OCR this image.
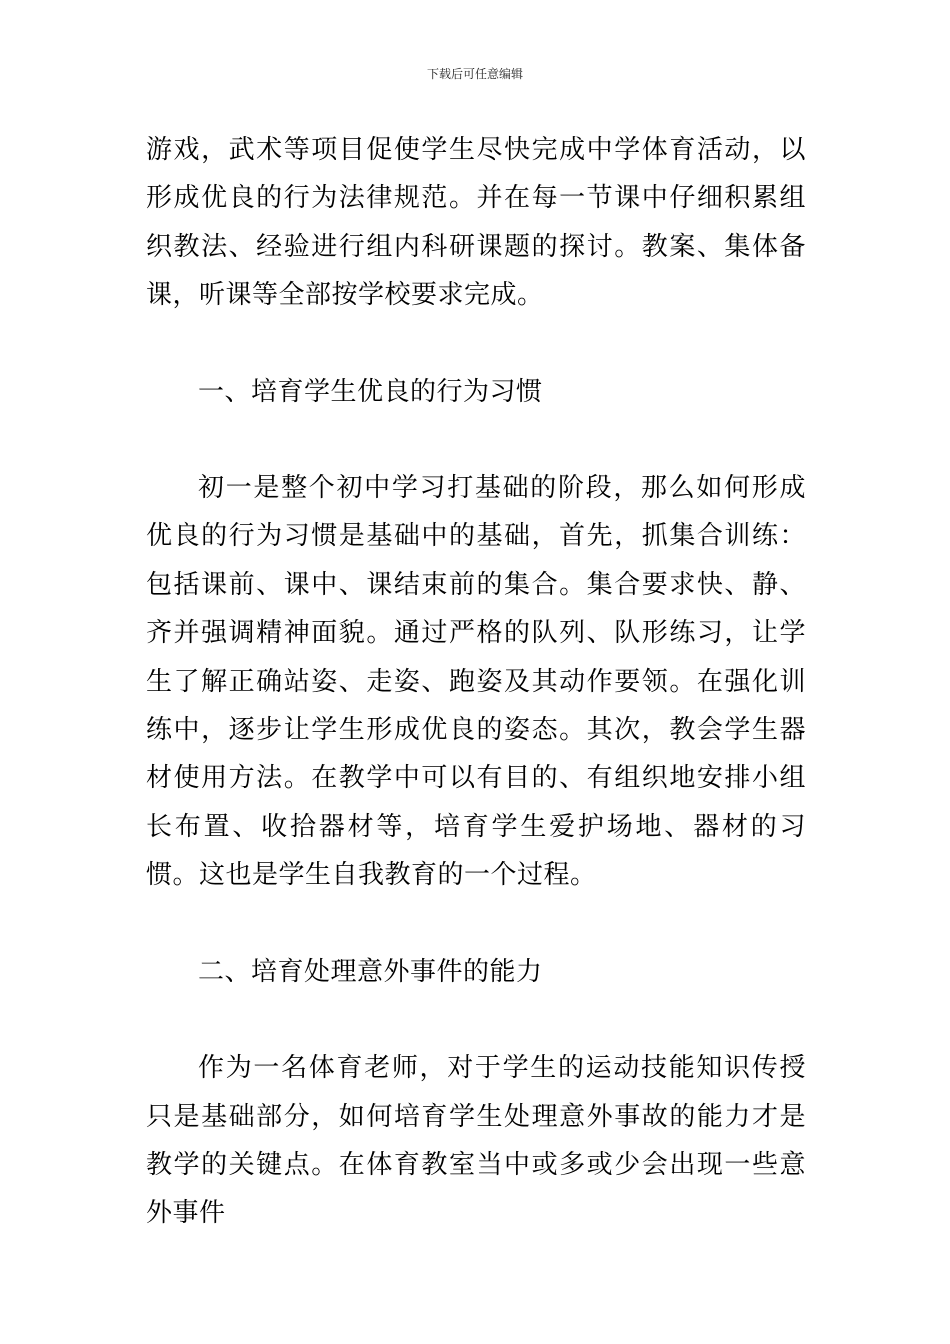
下载后可任意编辑

游戏，武术等项目促使学生尽快完成中学体育活动，以形成优良的行为法律规范。并在每一节课中仔细积累组织教法、经验进行组内科研课题的探讨。教案、集体备课，听课等全部按学校要求完成。

一、培育学生优良的行为习惯

初一是整个初中学习打基础的阶段，那么如何形成优良的行为习惯是基础中的基础，首先，抓集合训练：包括课前、课中、课结束前的集合。集合要求快、静、齐并强调精神面貌。通过严格的队列、队形练习，让学生了解正确站姿、走姿、跑姿及其动作要领。在强化训练中，逐步让学生形成优良的姿态。其次，教会学生器材使用方法。在教学中可以有目的、有组织地安排小组长布置、收拾器材等，培育学生爱护场地、器材的习惯。这也是学生自我教育的一个过程。

二、培育处理意外事件的能力

作为一名体育老师，对于学生的运动技能知识传授只是基础部分，如何培育学生处理意外事故的能力才是教学的关键点。在体育教室当中或多或少会出现一些意外事件
